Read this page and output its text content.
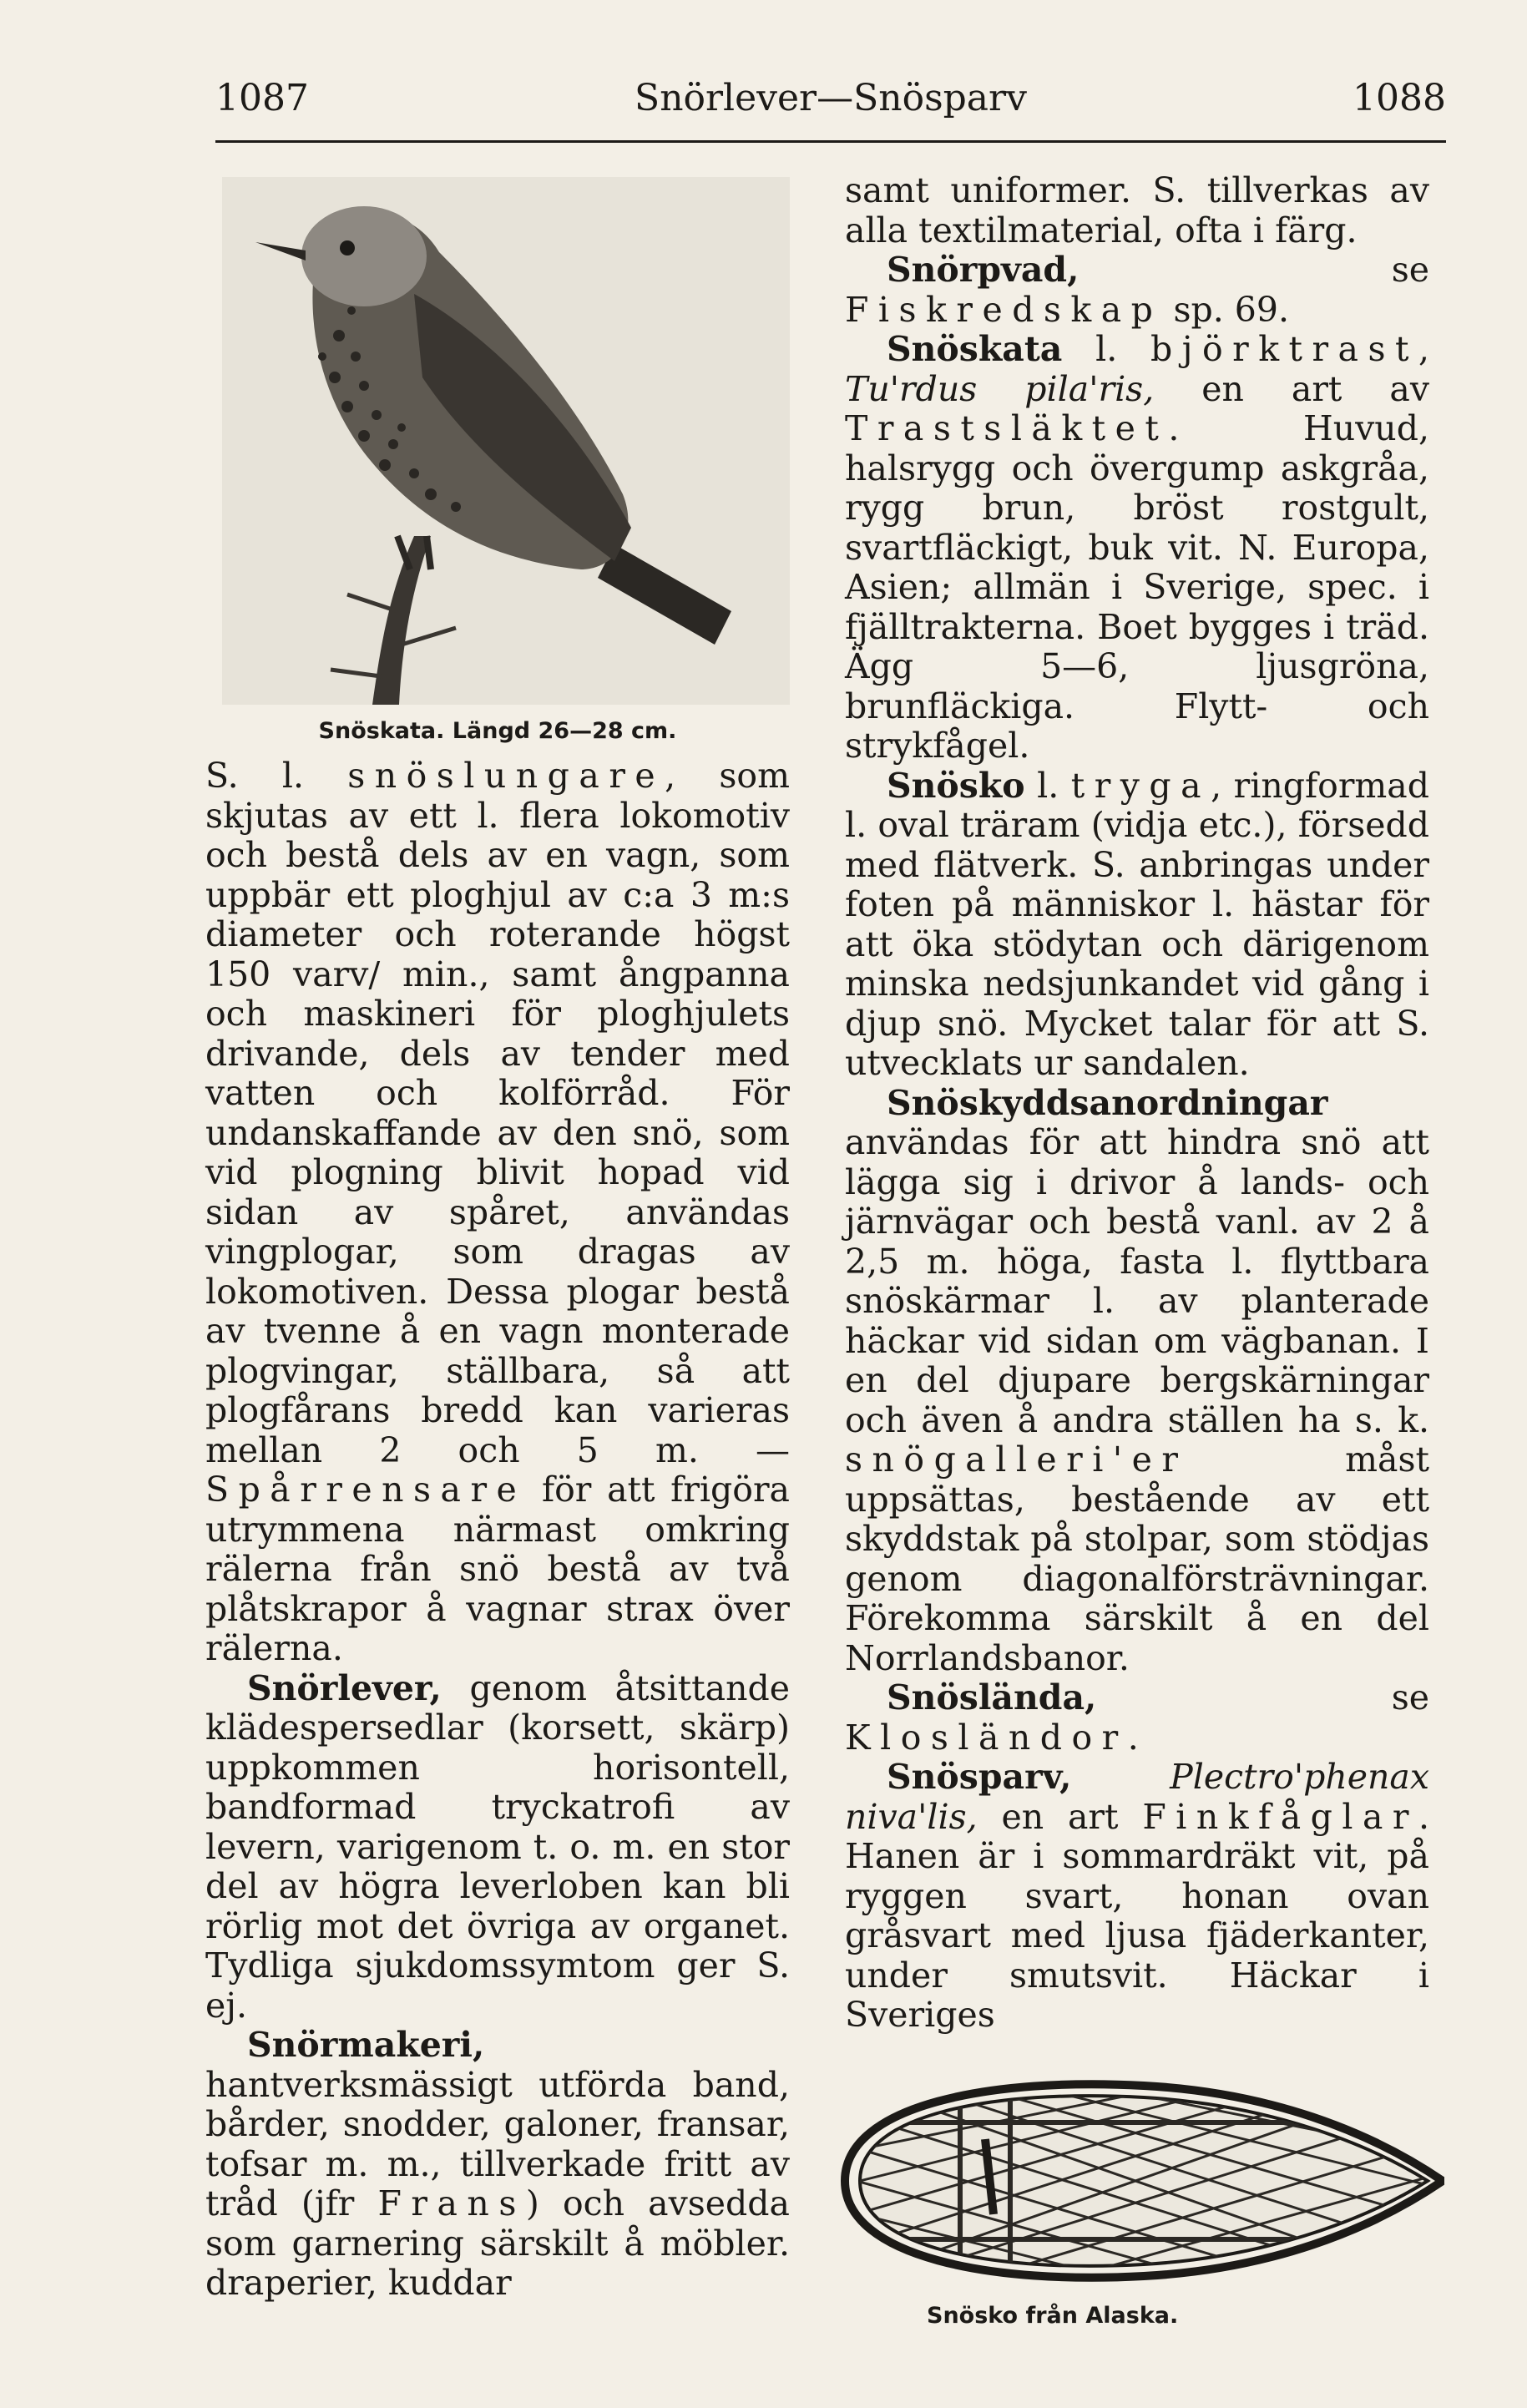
1087	Snörlever—Snösparv	1088
Snöskata. Längd 26—28 cm.

S. l. snöslungare, som skjutas av ett l. flera lokomotiv och bestå dels av en vagn, som uppbär ett ploghjul av c:a 3 m:s diameter och roterande högst 150 varv/ min., samt ångpanna och maskineri för ploghjulets drivande, dels av tender med vatten och kolförråd. För undanskaffande av den snö, som vid plogning blivit hopad vid sidan av spåret, användas vingplogar, som dragas av lokomotiven. Dessa plogar bestå av tvenne å en vagn monterade plogvingar, ställbara, så att plogfårans bredd kan varieras mellan 2 och 5 m. — Spårrensare för att frigöra utrymmena närmast omkring rälerna från snö bestå av två plåtskrapor å vagnar strax över rälerna.

Snörlever, genom åtsittande klädespersedlar (korsett, skärp) uppkommen horisontell, bandformad tryckatrofi av levern, varigenom t. o. m. en stor del av högra leverloben kan bli rörlig mot det övriga av organet. Tydliga sjukdomssymtom ger S. ej.

Snörmakeri, hantverksmässigt utförda band, bårder, snodder, galoner, fransar, tofsar m. m., tillverkade fritt av tråd (jfr Frans) och avsedda som garnering särskilt å möbler. draperier, kuddar

samt uniformer. S. tillverkas av alla textilmaterial, ofta i färg.

Snörpvad, se Fiskredskap sp. 69.

Snöskata l. björktrast, Tu'rdus pila'ris, en art av Trastsläktet. Huvud, halsrygg och övergump askgråa, rygg brun, bröst rostgult, svartfläckigt, buk vit. N. Europa, Asien; allmän i Sverige, spec. i fjälltrakterna. Boet bygges i träd. Ägg 5—6, ljusgröna, brunfläckiga. Flytt- och strykfågel.

Snösko l. tryga, ringformad l. oval träram (vidja etc.), försedd med flätverk. S. anbringas under foten på människor l. hästar för att öka stödytan och därigenom minska nedsjunkandet vid gång i djup snö. Mycket talar för att S. utvecklats ur sandalen.

Snöskyddsanordningar användas för att hindra snö att lägga sig i drivor å lands- och järnvägar och bestå vanl. av 2 å 2,5 m. höga, fasta l. flyttbara snöskärmar l. av planterade häckar vid sidan om vägbanan. I en del djupare bergskärningar och även å andra ställen ha s. k. snögalleri'er måst uppsättas, bestående av ett skyddstak på stolpar, som stödjas genom diagonalförsträvningar. Förekomma särskilt å en del Norrlandsbanor.

Snöslända, se Klosländor.

Snösparv, Plectro'phenax niva'lis, en art Finkfåglar. Hanen är i sommardräkt vit, på ryggen svart, honan ovan gråsvart med ljusa fjäderkanter, under smutsvit. Häckar i Sveriges

Snösko från Alaska.
